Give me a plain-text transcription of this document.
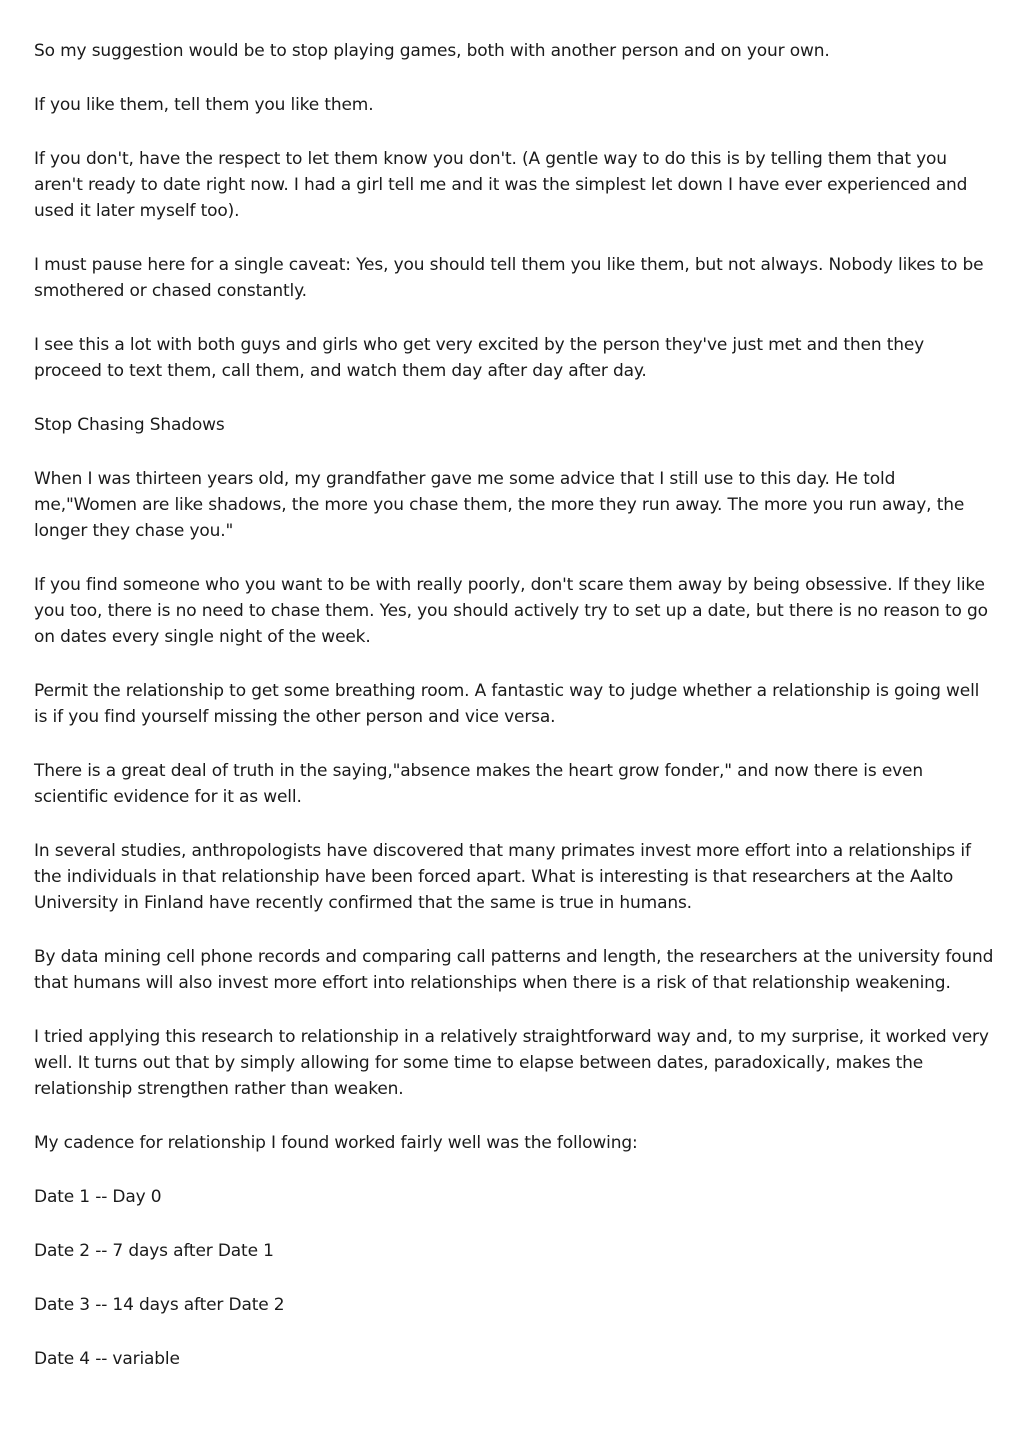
So my suggestion would be to stop playing games, both with another person and on your own.

If you like them, tell them you like them.

If you don't, have the respect to let them know you don't. (A gentle way to do this is by telling them that you aren't ready to date right now. I had a girl tell me and it was the simplest let down I have ever experienced and used it later myself too).

I must pause here for a single caveat: Yes, you should tell them you like them, but not always. Nobody likes to be smothered or chased constantly.

I see this a lot with both guys and girls who get very excited by the person they've just met and then they proceed to text them, call them, and watch them day after day after day.

Stop Chasing Shadows

When I was thirteen years old, my grandfather gave me some advice that I still use to this day. He told me,"Women are like shadows, the more you chase them, the more they run away. The more you run away, the longer they chase you."

If you find someone who you want to be with really poorly, don't scare them away by being obsessive. If they like you too, there is no need to chase them. Yes, you should actively try to set up a date, but there is no reason to go on dates every single night of the week.

Permit the relationship to get some breathing room. A fantastic way to judge whether a relationship is going well is if you find yourself missing the other person and vice versa.

There is a great deal of truth in the saying,"absence makes the heart grow fonder," and now there is even scientific evidence for it as well.

In several studies, anthropologists have discovered that many primates invest more effort into a relationships if the individuals in that relationship have been forced apart. What is interesting is that researchers at the Aalto University in Finland have recently confirmed that the same is true in humans.

By data mining cell phone records and comparing call patterns and length, the researchers at the university found that humans will also invest more effort into relationships when there is a risk of that relationship weakening.

I tried applying this research to relationship in a relatively straightforward way and, to my surprise, it worked very well. It turns out that by simply allowing for some time to elapse between dates, paradoxically, makes the relationship strengthen rather than weaken.

My cadence for relationship I found worked fairly well was the following:

Date 1 -- Day 0

Date 2 -- 7 days after Date 1

Date 3 -- 14 days after Date 2

Date 4 -- variable
